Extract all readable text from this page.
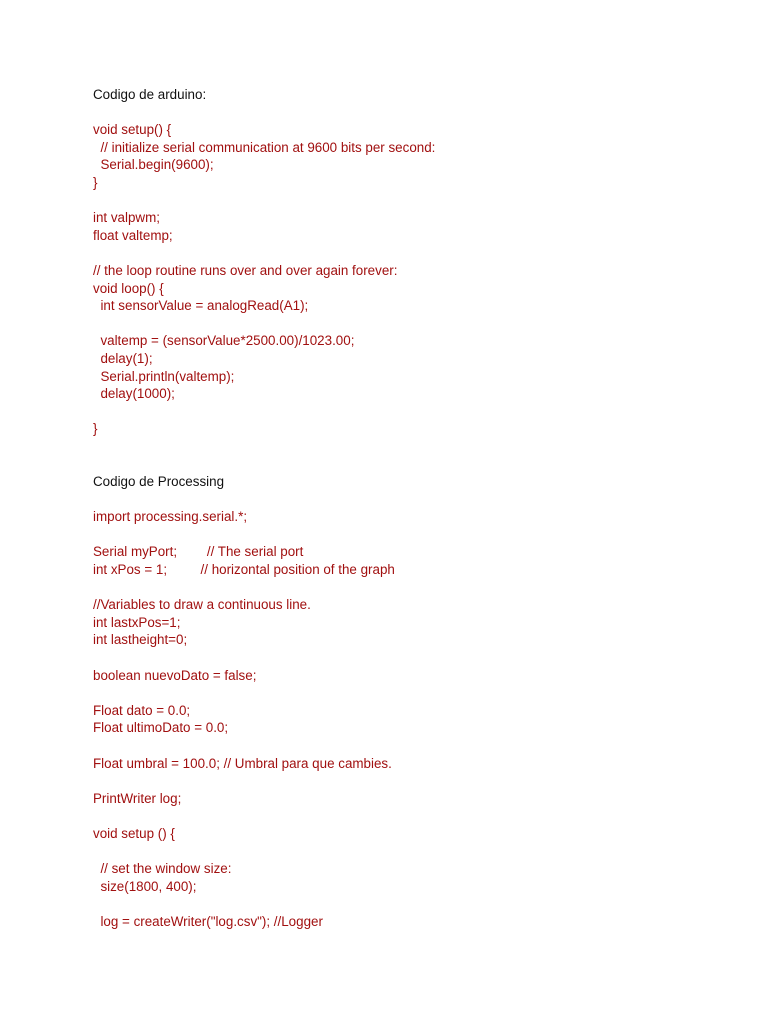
Codigo de arduino:
void setup() {
// initialize serial communication at 9600 bits per second:
Serial.begin(9600);
}
int valpwm;
float valtemp;
// the loop routine runs over and over again forever:
void loop() {
int sensorValue = analogRead(A1);
valtemp = (sensorValue*2500.00)/1023.00;
delay(1);
Serial.println(valtemp);
delay(1000);
}
Codigo de Processing
import processing.serial.*;
Serial myPort;        // The serial port
int xPos = 1;         // horizontal position of the graph
//Variables to draw a continuous line.
int lastxPos=1;
int lastheight=0;
boolean nuevoDato = false;
Float dato = 0.0;
Float ultimoDato = 0.0;
Float umbral = 100.0; // Umbral para que cambies.
PrintWriter log;
void setup () {
// set the window size:
size(1800, 400);
log = createWriter("log.csv"); //Logger
